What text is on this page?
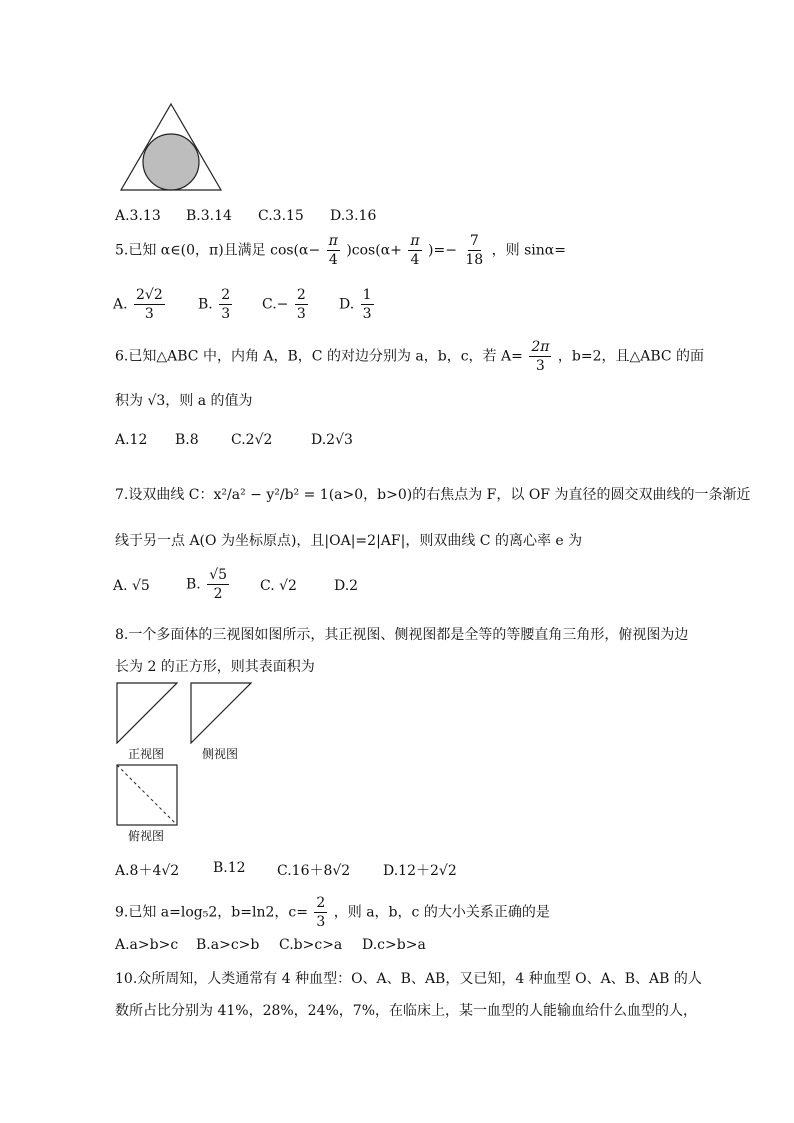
A.3.13 B.3.14 C.3.15 D.3.16
5.已知 α∈(0，π)且满足 $\cos(\alpha- \frac{\pi}{4} )\cos(\alpha+ \frac{\pi}{4}$ )=− $\frac{7}{18}$ ，则 sinα=
A. $\frac{2√2}{3} B$. $\frac{2}{3} C.- \frac{2}{3} D$. $\frac{1}{3}$
6.已知△ABC 中，内角 A，B，C 的对边分别为 a，b，c，若 $A= \frac{2\pi}{3}$ ，b=2，且△ABC 的面
积为 √3，则 a 的值为
A.12 B.8 C.2√2	D.2√3
7.设双曲线 C：x²/a² − y²/b² = 1(a>0，b>0)的右焦点为 F，以 OF 为直径的圆交双曲线的一条渐近
线于另一点 A(O 为坐标原点)，且|OA|=2|AF|，则双曲线 C 的离心率 e 为
A. √5	B. $\frac{√5}{2} C$. √2	D.2
8.一个多面体的三视图如图所示，其正视图、侧视图都是全等的等腰直角三角形，俯视图为边
长为 2 的正方形，则其表面积为
正视图	侧视图
俯视图
A.8＋4√2 B.12 C.16＋8√2 D.12＋2√2
9.已知 a=log₅2，b=ln2，$c= \frac{2}{3}$ ，则 a，b，c 的大小关系正确的是
A.a>b>c B.a>c>b C.b>c>a D.c>b>a
10.众所周知，人类通常有 4 种血型：O、A、B、AB，又已知，4 种血型 O、A、B、AB 的人
数所占比分别为 41%，28%，24%，7%，在临床上，某一血型的人能输血给什么血型的人，
